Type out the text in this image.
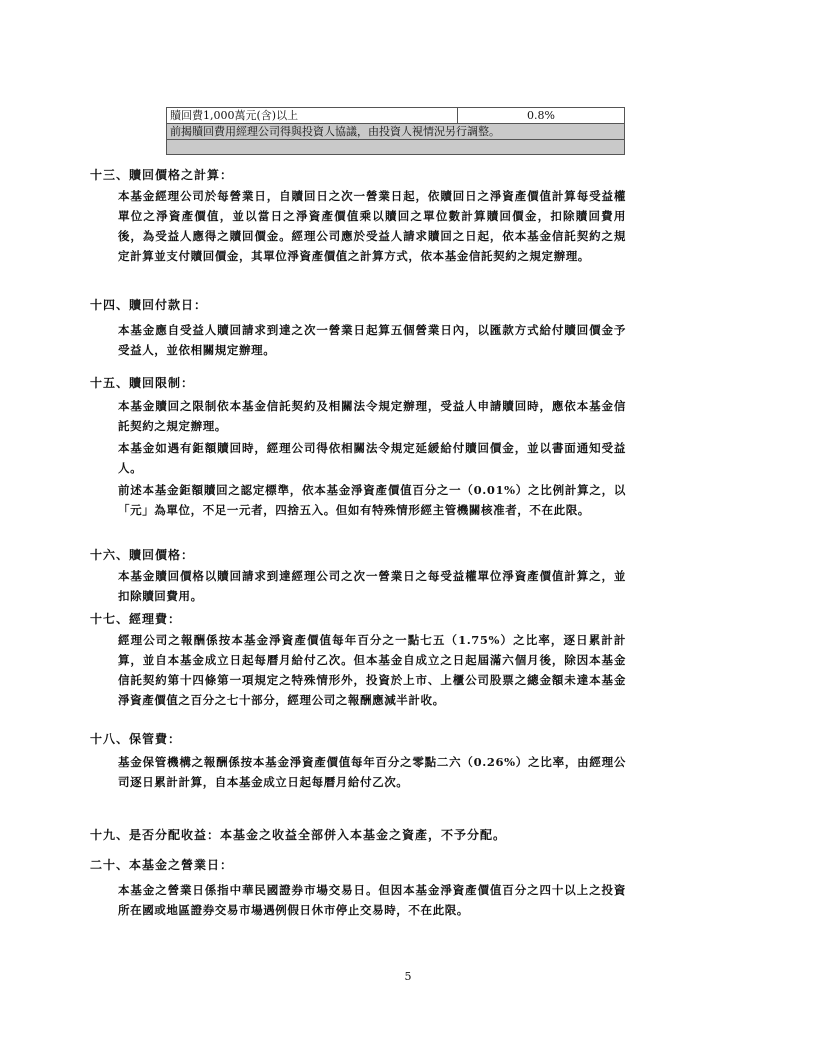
贖回費1,000萬元(含)以上	0.8%
前揭贖回費用經理公司得與投資人協議，由投資人視情況另行調整。

十三、贖回價格之計算：
本基金經理公司於每營業日，自贖回日之次一營業日起，依贖回日之淨資產價值計算每受益權單位之淨資產價值，並以當日之淨資產價值乘以贖回之單位數計算贖回價金，扣除贖回費用後，為受益人應得之贖回價金。經理公司應於受益人請求贖回之日起，依本基金信託契約之規定計算並支付贖回價金，其單位淨資產價值之計算方式，依本基金信託契約之規定辦理。
十四、贖回付款日：
本基金應自受益人贖回請求到達之次一營業日起算五個營業日內，以匯款方式給付贖回價金予受益人，並依相關規定辦理。
十五、贖回限制：
本基金贖回之限制依本基金信託契約及相關法令規定辦理，受益人申請贖回時，應依本基金信託契約之規定辦理。
本基金如遇有鉅額贖回時，經理公司得依相關法令規定延緩給付贖回價金，並以書面通知受益人。
前述本基金鉅額贖回之認定標準，依本基金淨資產價值百分之一（0.01%）之比例計算之，以「元」為單位，不足一元者，四捨五入。但如有特殊情形經主管機關核准者，不在此限。
十六、贖回價格：
本基金贖回價格以贖回請求到達經理公司之次一營業日之每受益權單位淨資產價值計算之，並扣除贖回費用。
十七、經理費：
經理公司之報酬係按本基金淨資產價值每年百分之一點七五（1.75%）之比率，逐日累計計算，並自本基金成立日起每曆月給付乙次。但本基金自成立之日起屆滿六個月後，除因本基金信託契約第十四條第一項規定之特殊情形外，投資於上市、上櫃公司股票之總金額未達本基金淨資產價值之百分之七十部分，經理公司之報酬應減半計收。
十八、保管費：
基金保管機構之報酬係按本基金淨資產價值每年百分之零點二六（0.26%）之比率，由經理公司逐日累計計算，自本基金成立日起每曆月給付乙次。
十九、是否分配收益：本基金之收益全部併入本基金之資產，不予分配。
二十、本基金之營業日：
本基金之營業日係指中華民國證券市場交易日。但因本基金淨資產價值百分之四十以上之投資所在國或地區證券交易市場遇例假日休市停止交易時，不在此限。
5
